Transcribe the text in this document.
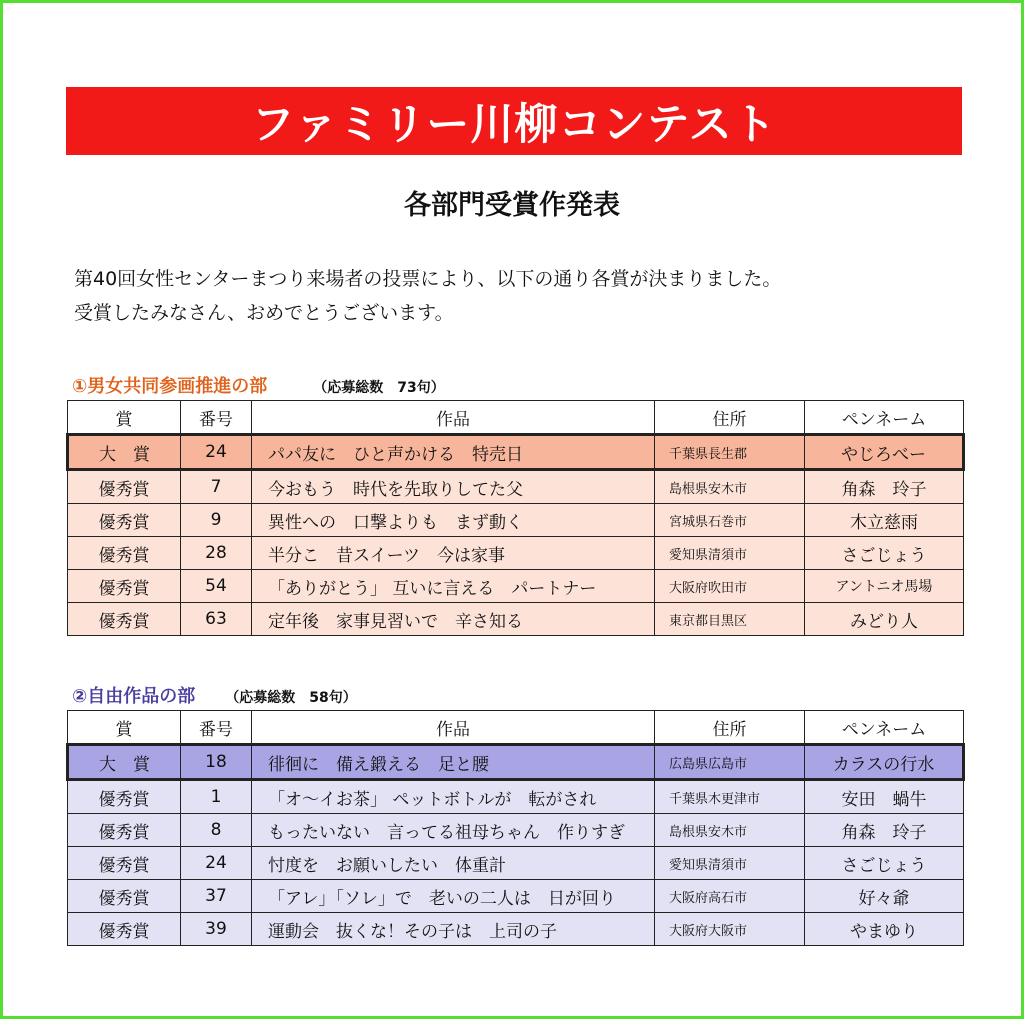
ファミリー川柳コンテスト
各部門受賞作発表
第40回女性センターまつり来場者の投票により、以下の通り各賞が決まりました。
受賞したみなさん、おめでとうございます。
①男女共同参画推進の部	（応募総数　73句）
賞	番号	作品	住所	ペンネーム
大　賞	24	パパ友に　ひと声かける　特売日	千葉県長生郡	やじろべー
優秀賞	7	今おもう　時代を先取りしてた父	島根県安木市	角森　玲子
優秀賞	9	異性への　口撃よりも　まず動く	宮城県石巻市	木立慈雨
優秀賞	28	半分こ　昔スイーツ　今は家事	愛知県清須市	さごじょう
優秀賞	54	「ありがとう」 互いに言える　パートナー	大阪府吹田市	アントニオ馬場
優秀賞	63	定年後　家事見習いで　辛さ知る	東京都目黒区	みどり人
②自由作品の部 （応募総数　58句）
賞	番号	作品	住所	ペンネーム
大　賞	18	徘徊に　備え鍛える　足と腰	広島県広島市	カラスの行水
優秀賞	1	「オ～イお茶」 ペットボトルが　転がされ	千葉県木更津市	安田　蝸牛
優秀賞	8	もったいない　言ってる祖母ちゃん　作りすぎ	島根県安木市	角森　玲子
優秀賞	24	忖度を　お願いしたい　体重計	愛知県清須市	さごじょう
優秀賞	37	「アレ」「ソレ」で　老いの二人は　日が回り	大阪府高石市	好々爺
優秀賞	39	運動会　抜くな！その子は　上司の子	大阪府大阪市	やまゆり
